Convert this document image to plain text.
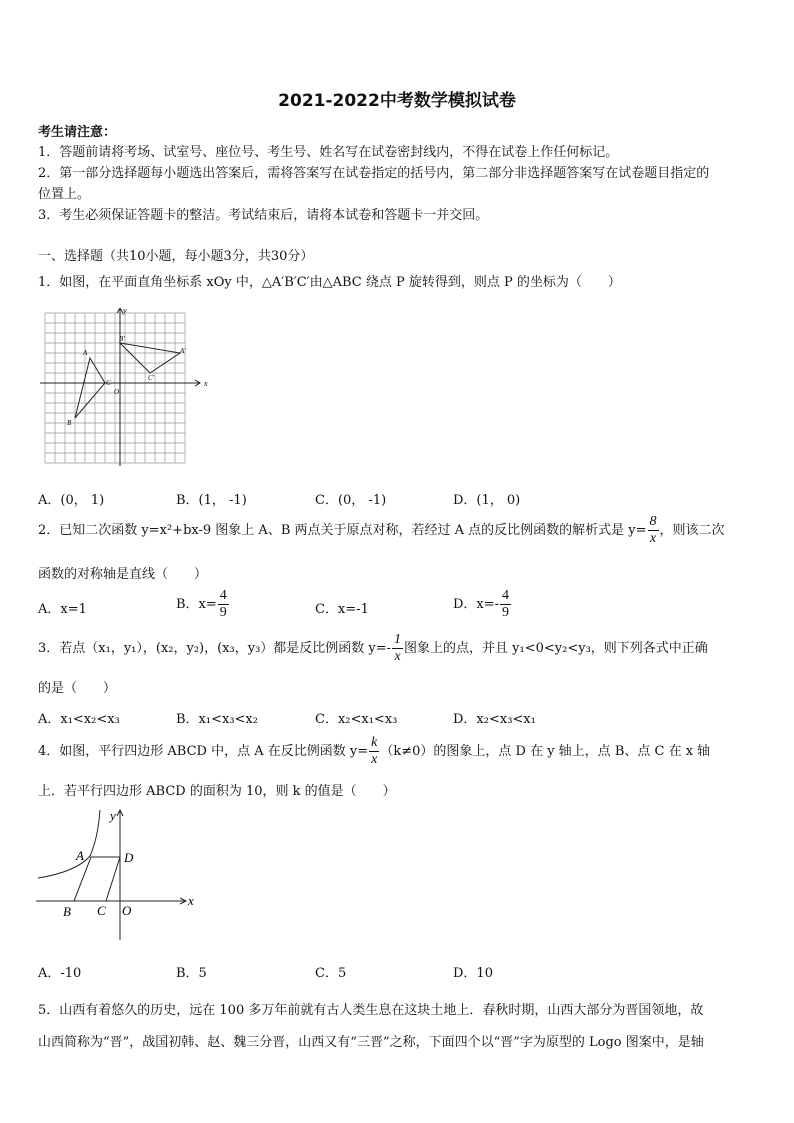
2021-2022中考数学模拟试卷
考生请注意：
1．答题前请将考场、试室号、座位号、考生号、姓名写在试卷密封线内，不得在试卷上作任何标记。
2．第一部分选择题每小题选出答案后，需将答案写在试卷指定的括号内，第二部分非选择题答案写在试卷题目指定的
位置上。
3．考生必须保证答题卡的整洁。考试结束后，请将本试卷和答题卡一并交回。
一、选择题（共10小题，每小题3分，共30分）
1．如图，在平面直角坐标系 xOy 中，△A′B′C′由△ABC 绕点 P 旋转得到，则点 P 的坐标为（　　）
x
y
O
A
B
C
A′
B′
C′
A．(0， 1)	B．(1， -1)	C．(0， -1)	D．(1， 0)
2．已知二次函数 y=x²+bx-9 图象上 A、B 两点关于原点对称，若经过 A 点的反比例函数的解析式是 $y= \frac{8}{x}$ ，则该二次
函数的对称轴是直线（　　）
A．x=1	B．$x= \frac{4}{9}$	C．x=-1	D．$x=- \frac{4}{9}$
3．若点（x₁，y₁），(x₂，y₂)，(x₃，y₃）都是反比例函数 $y=- \frac{1}{x}$ 图象上的点，并且 y₁<0<y₂<y₃，则下列各式中正确
的是（　　）
A．x₁<x₂<x₃	B．x₁<x₃<x₂	C．x₂<x₁<x₃	D．x₂<x₃<x₁
4．如图，平行四边形 ABCD 中，点 A 在反比例函数 $y= \frac{k}{x} (k\ne 0)$的图象上，点 D 在 y 轴上，点 B、点 C 在 x 轴
上．若平行四边形 ABCD 的面积为 10，则 k 的值是（　　）
x
y
A	D
B C O
A．-10	B．5	C．5	D．10
5．山西有着悠久的历史，远在 100 多万年前就有古人类生息在这块土地上．春秋时期，山西大部分为晋国领地，故
山西简称为“晋”，战国初韩、赵、魏三分晋，山西又有“三晋”之称，下面四个以“晋”字为原型的 Logo 图案中，是轴
